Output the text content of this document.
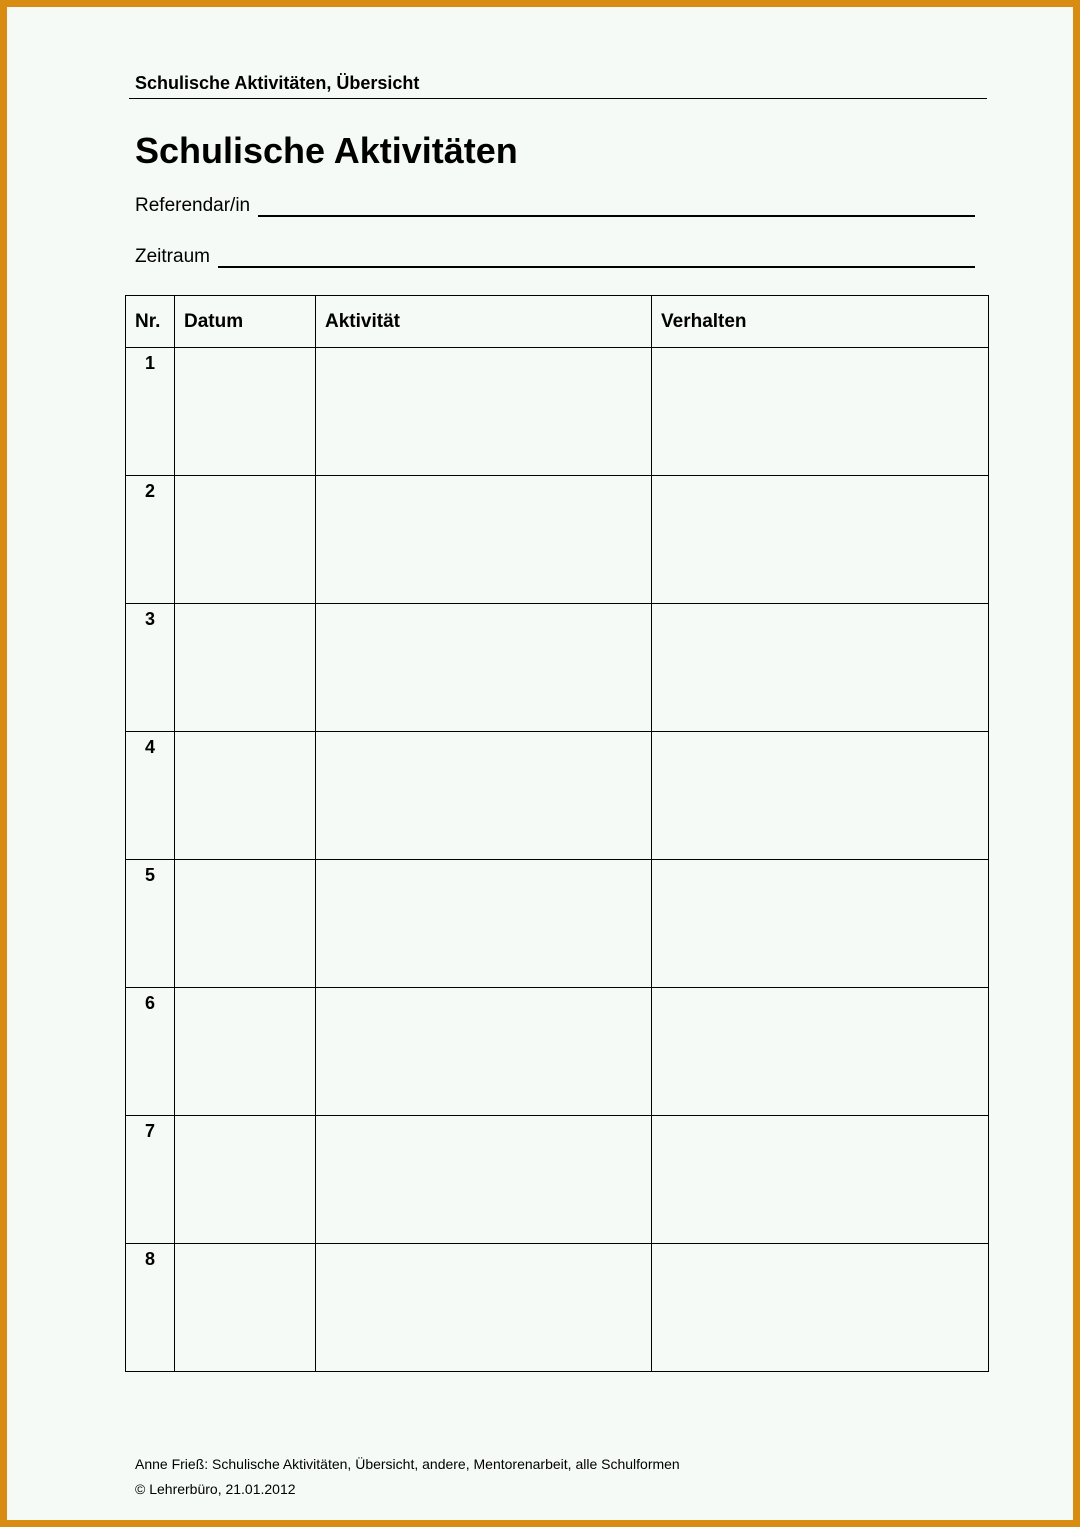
Schulische Aktivitäten, Übersicht
Schulische Aktivitäten
Referendar/in
Zeitraum
Nr.	Datum	Aktivität	Verhalten
1			
2			
3			
4			
5			
6			
7			
8			
Anne Frieß: Schulische Aktivitäten, Übersicht, andere, Mentorenarbeit, alle Schulformen
© Lehrerbüro, 21.01.2012
